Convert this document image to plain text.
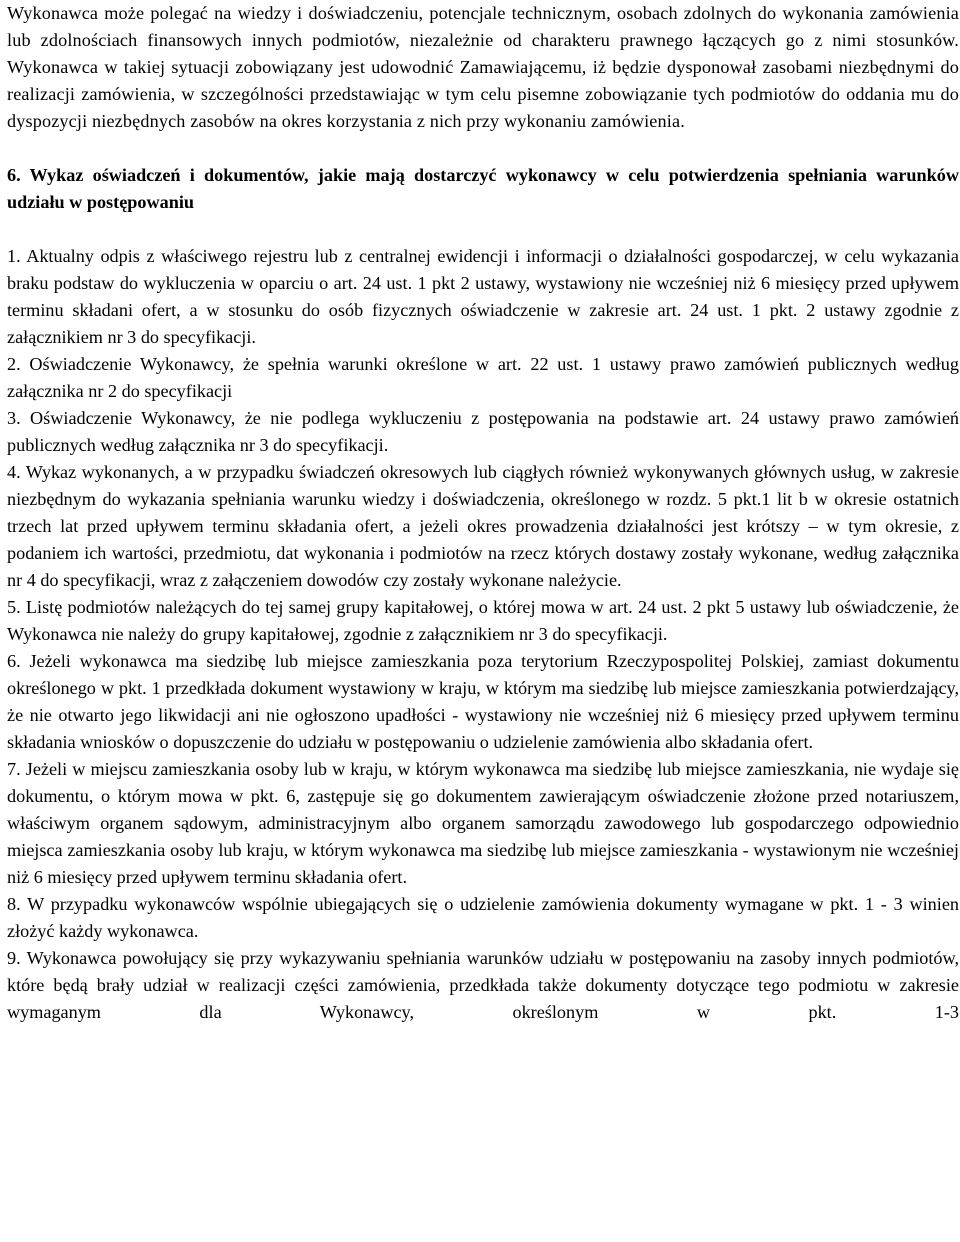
Wykonawca może polegać na wiedzy i doświadczeniu, potencjale technicznym, osobach zdolnych do wykonania zamówienia lub zdolnościach finansowych innych podmiotów, niezależnie od charakteru prawnego łączących go z nimi stosunków. Wykonawca w takiej sytuacji zobowiązany jest udowodnić Zamawiającemu, iż będzie dysponował zasobami niezbędnymi do realizacji zamówienia, w szczególności przedstawiając w tym celu pisemne zobowiązanie tych podmiotów do oddania mu do dyspozycji niezbędnych zasobów na okres korzystania z nich przy wykonaniu zamówienia.

6. Wykaz oświadczeń i dokumentów, jakie mają dostarczyć wykonawcy w celu potwierdzenia spełniania warunków udziału w postępowaniu

1. Aktualny odpis z właściwego rejestru lub z centralnej ewidencji i informacji o działalności gospodarczej, w celu wykazania braku podstaw do wykluczenia w oparciu o art. 24 ust. 1 pkt 2 ustawy, wystawiony nie wcześniej niż 6 miesięcy przed upływem terminu składani ofert, a w stosunku do osób fizycznych oświadczenie w zakresie art. 24 ust. 1 pkt. 2 ustawy zgodnie z załącznikiem nr 3 do specyfikacji.

2. Oświadczenie Wykonawcy, że spełnia warunki określone w art. 22 ust. 1 ustawy prawo zamówień publicznych według załącznika nr 2 do specyfikacji

3. Oświadczenie Wykonawcy, że nie podlega wykluczeniu z postępowania na podstawie art. 24 ustawy prawo zamówień publicznych według załącznika nr 3 do specyfikacji.

4. Wykaz wykonanych, a w przypadku świadczeń okresowych lub ciągłych również wykonywanych głównych usług, w zakresie niezbędnym do wykazania spełniania warunku wiedzy i doświadczenia, określonego w rozdz. 5 pkt.1 lit b w okresie ostatnich trzech lat przed upływem terminu składania ofert, a jeżeli okres prowadzenia działalności jest krótszy – w tym okresie, z podaniem ich wartości, przedmiotu, dat wykonania i podmiotów na rzecz których dostawy zostały wykonane, według załącznika nr 4 do specyfikacji, wraz z załączeniem dowodów czy zostały wykonane należycie.

5. Listę podmiotów należących do tej samej grupy kapitałowej, o której mowa w art. 24 ust. 2 pkt 5 ustawy lub oświadczenie, że Wykonawca nie należy do grupy kapitałowej, zgodnie z załącznikiem nr 3 do specyfikacji.

6. Jeżeli wykonawca ma siedzibę lub miejsce zamieszkania poza terytorium Rzeczypospolitej Polskiej, zamiast dokumentu określonego w pkt. 1 przedkłada dokument wystawiony w kraju, w którym ma siedzibę lub miejsce zamieszkania potwierdzający, że nie otwarto jego likwidacji ani nie ogłoszono upadłości - wystawiony nie wcześniej niż 6 miesięcy przed upływem terminu składania wniosków o dopuszczenie do udziału w postępowaniu o udzielenie zamówienia albo składania ofert.

7. Jeżeli w miejscu zamieszkania osoby lub w kraju, w którym wykonawca ma siedzibę lub miejsce zamieszkania, nie wydaje się dokumentu, o którym mowa w pkt. 6, zastępuje się go dokumentem zawierającym oświadczenie złożone przed notariuszem, właściwym organem sądowym, administracyjnym albo organem samorządu zawodowego lub gospodarczego odpowiednio miejsca zamieszkania osoby lub kraju, w którym wykonawca ma siedzibę lub miejsce zamieszkania - wystawionym nie wcześniej niż 6 miesięcy przed upływem terminu składania ofert.

8. W przypadku wykonawców wspólnie ubiegających się o udzielenie zamówienia dokumenty wymagane w pkt. 1 - 3 winien złożyć każdy wykonawca.

9. Wykonawca powołujący się przy wykazywaniu spełniania warunków udziału w postępowaniu na zasoby innych podmiotów, które będą brały udział w realizacji części zamówienia, przedkłada także dokumenty dotyczące tego podmiotu w zakresie wymaganym dla Wykonawcy, określonym w pkt. 1-3
